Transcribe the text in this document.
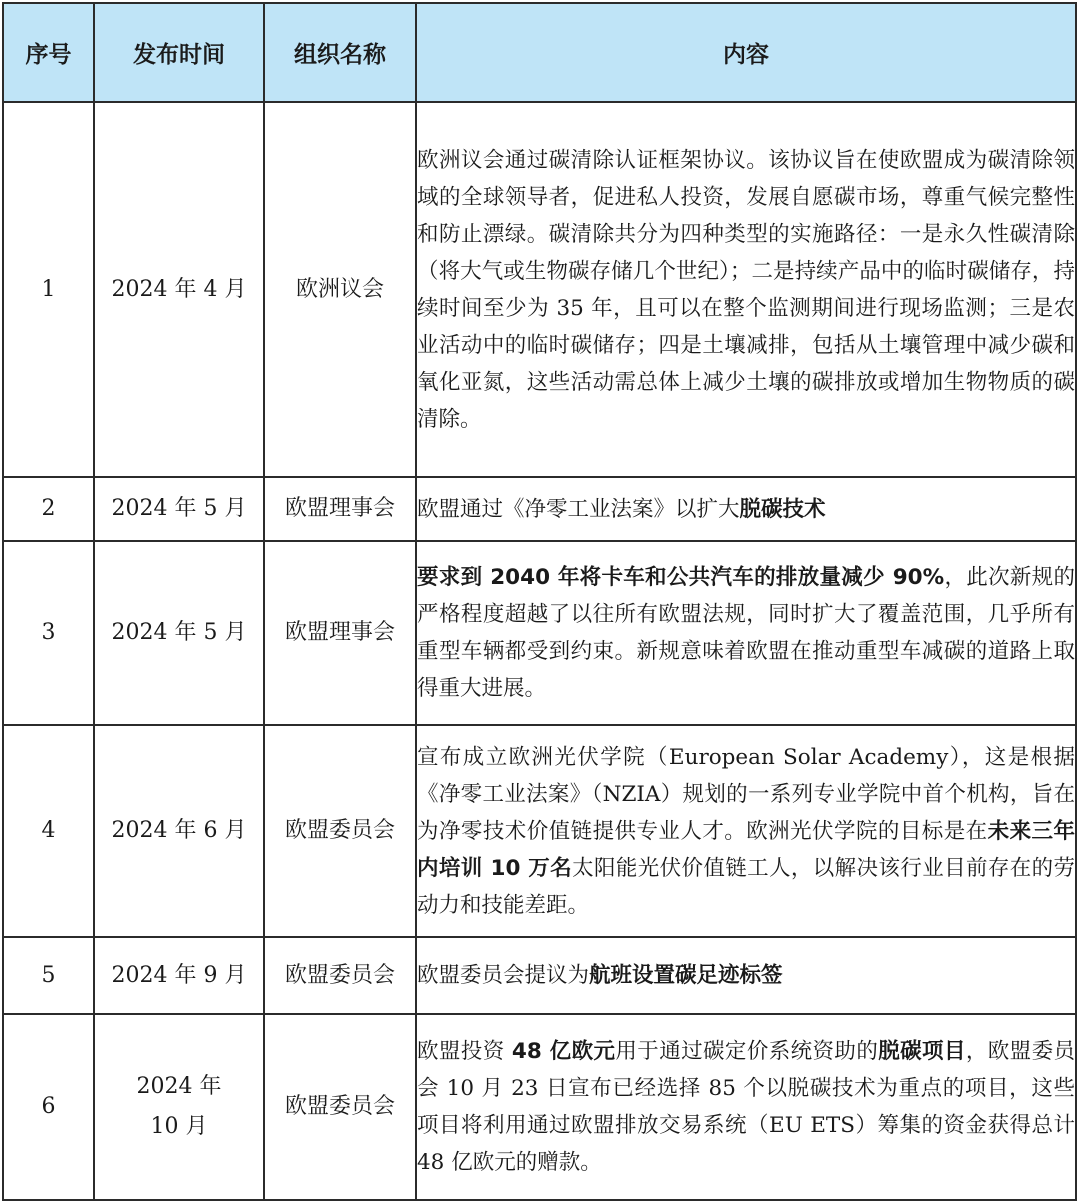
序号	发布时间	组织名称	内容
1	2024 年 4 月	欧洲议会	欧洲议会通过碳清除认证框架协议。该协议旨在使欧盟成为碳清除领域的全球领导者，促进私人投资，发展自愿碳市场，尊重气候完整性和防止漂绿。碳清除共分为四种类型的实施路径：一是永久性碳清除（将大气或生物碳存储几个世纪）；二是持续产品中的临时碳储存，持续时间至少为 35 年，且可以在整个监测期间进行现场监测；三是农业活动中的临时碳储存；四是土壤减排，包括从土壤管理中减少碳和氧化亚氮，这些活动需总体上减少土壤的碳排放或增加生物物质的碳清除。
2	2024 年 5 月	欧盟理事会	欧盟通过《净零工业法案》以扩大脱碳技术
3	2024 年 5 月	欧盟理事会	要求到 2040 年将卡车和公共汽车的排放量减少 90%，此次新规的严格程度超越了以往所有欧盟法规，同时扩大了覆盖范围，几乎所有重型车辆都受到约束。新规意味着欧盟在推动重型车减碳的道路上取得重大进展。
4	2024 年 6 月	欧盟委员会	宣布成立欧洲光伏学院（European Solar Academy），这是根据《净零工业法案》（NZIA）规划的一系列专业学院中首个机构，旨在为净零技术价值链提供专业人才。欧洲光伏学院的目标是在未来三年内培训 10 万名太阳能光伏价值链工人，以解决该行业目前存在的劳动力和技能差距。
5	2024 年 9 月	欧盟委员会	欧盟委员会提议为航班设置碳足迹标签
6	2024 年 10 月	欧盟委员会	欧盟投资 48 亿欧元用于通过碳定价系统资助的脱碳项目，欧盟委员会 10 月 23 日宣布已经选择 85 个以脱碳技术为重点的项目，这些项目将利用通过欧盟排放交易系统（EU ETS）筹集的资金获得总计 48 亿欧元的赠款。
